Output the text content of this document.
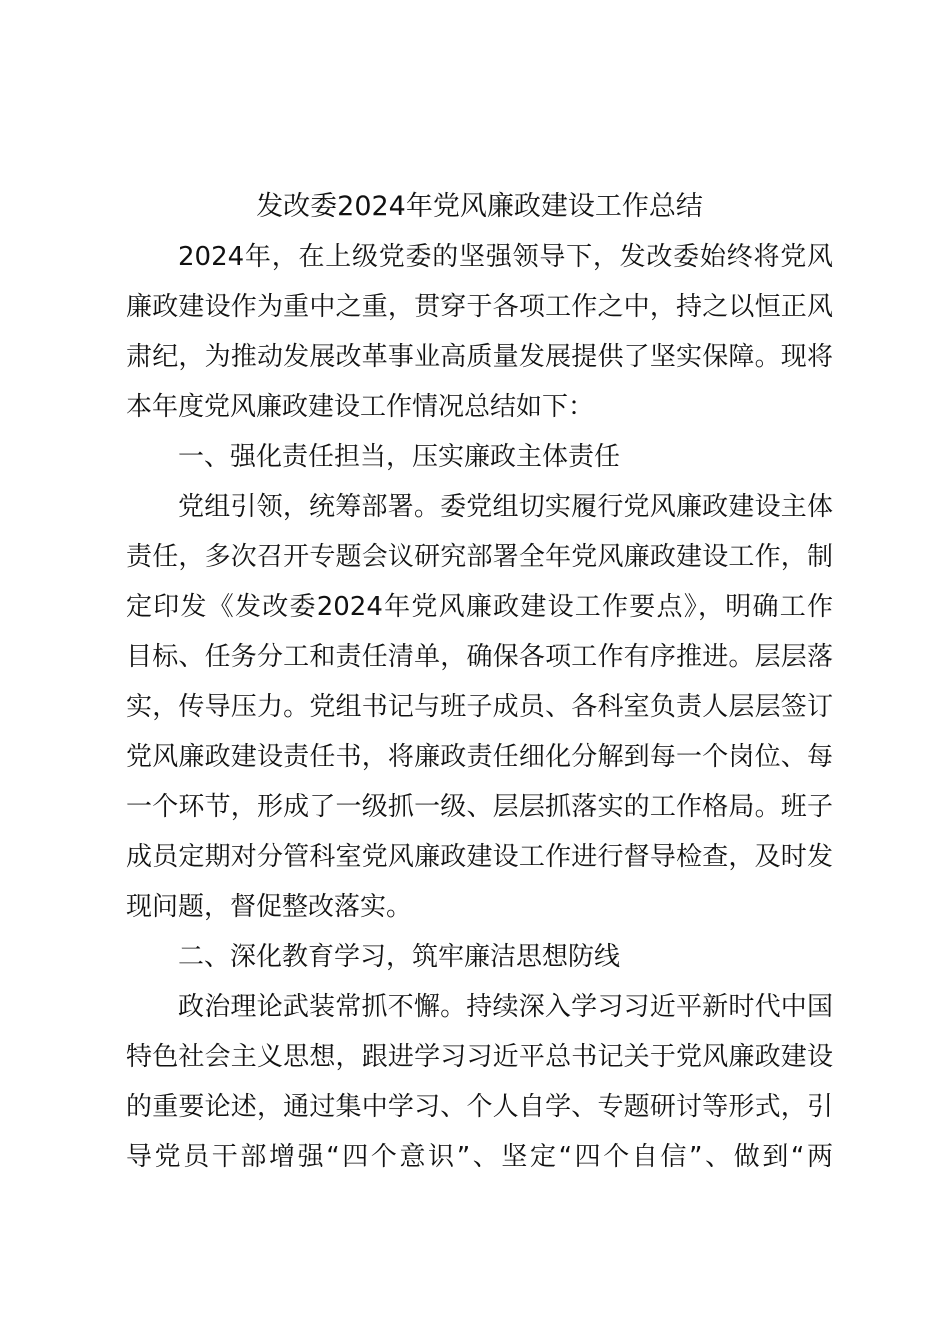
发改委2024年党风廉政建设工作总结

2024年，在上级党委的坚强领导下，发改委始终将党风

廉政建设作为重中之重，贯穿于各项工作之中，持之以恒正风

肃纪，为推动发展改革事业高质量发展提供了坚实保障。现将

本年度党风廉政建设工作情况总结如下：

一、强化责任担当，压实廉政主体责任

党组引领，统筹部署。委党组切实履行党风廉政建设主体

责任，多次召开专题会议研究部署全年党风廉政建设工作，制

定印发《发改委2024年党风廉政建设工作要点》，明确工作

目标、任务分工和责任清单，确保各项工作有序推进。层层落

实，传导压力。党组书记与班子成员、各科室负责人层层签订

党风廉政建设责任书，将廉政责任细化分解到每一个岗位、每

一个环节，形成了一级抓一级、层层抓落实的工作格局。班子

成员定期对分管科室党风廉政建设工作进行督导检查，及时发

现问题，督促整改落实。

二、深化教育学习，筑牢廉洁思想防线

政治理论武装常抓不懈。持续深入学习习近平新时代中国

特色社会主义思想，跟进学习习近平总书记关于党风廉政建设

的重要论述，通过集中学习、个人自学、专题研讨等形式，引

导党员干部增强“四个意识”、坚定“四个自信”、做到“两
